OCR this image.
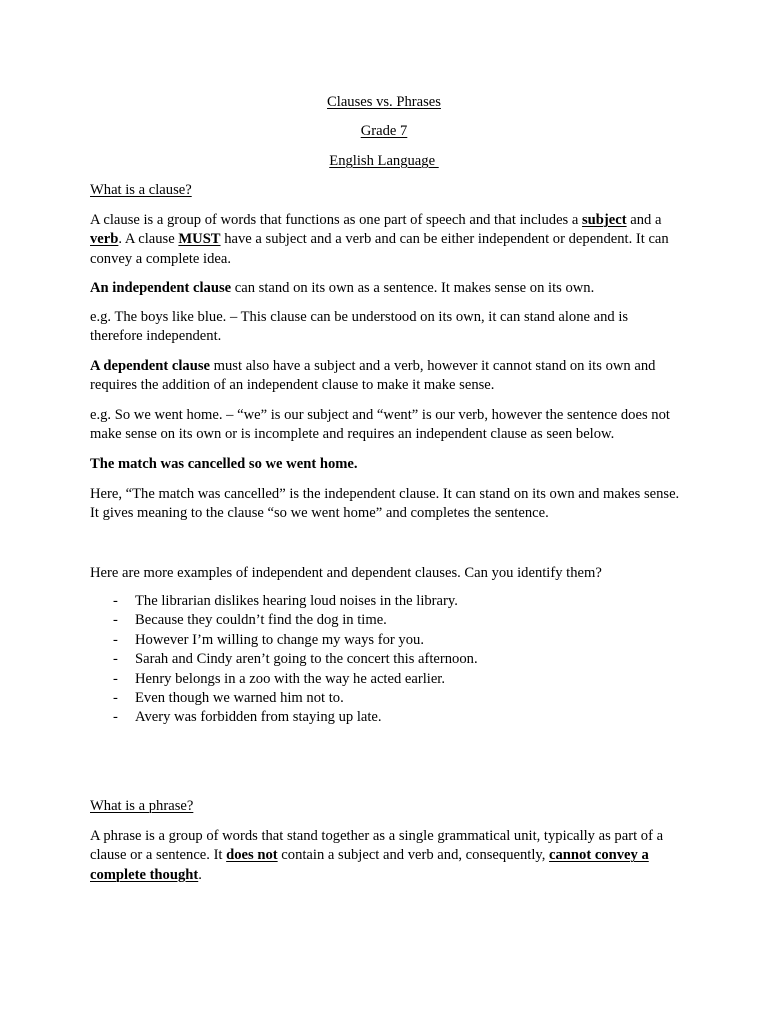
Clauses vs. Phrases
Grade 7
English Language

What is a clause?

A clause is a group of words that functions as one part of speech and that includes a subject and a verb. A clause MUST have a subject and a verb and can be either independent or dependent. It can convey a complete idea.

An independent clause can stand on its own as a sentence. It makes sense on its own.

e.g. The boys like blue. – This clause can be understood on its own, it can stand alone and is therefore independent.

A dependent clause must also have a subject and a verb, however it cannot stand on its own and requires the addition of an independent clause to make it make sense.

e.g. So we went home. – “we” is our subject and “went” is our verb, however the sentence does not make sense on its own or is incomplete and requires an independent clause as seen below.

The match was cancelled so we went home.

Here, “The match was cancelled” is the independent clause. It can stand on its own and makes sense. It gives meaning to the clause “so we went home” and completes the sentence.

Here are more examples of independent and dependent clauses. Can you identify them?

- The librarian dislikes hearing loud noises in the library.
- Because they couldn’t find the dog in time.
- However I’m willing to change my ways for you.
- Sarah and Cindy aren’t going to the concert this afternoon.
- Henry belongs in a zoo with the way he acted earlier.
- Even though we warned him not to.
- Avery was forbidden from staying up late.

What is a phrase?

A phrase is a group of words that stand together as a single grammatical unit, typically as part of a clause or a sentence. It does not contain a subject and verb and, consequently, cannot convey a complete thought.
